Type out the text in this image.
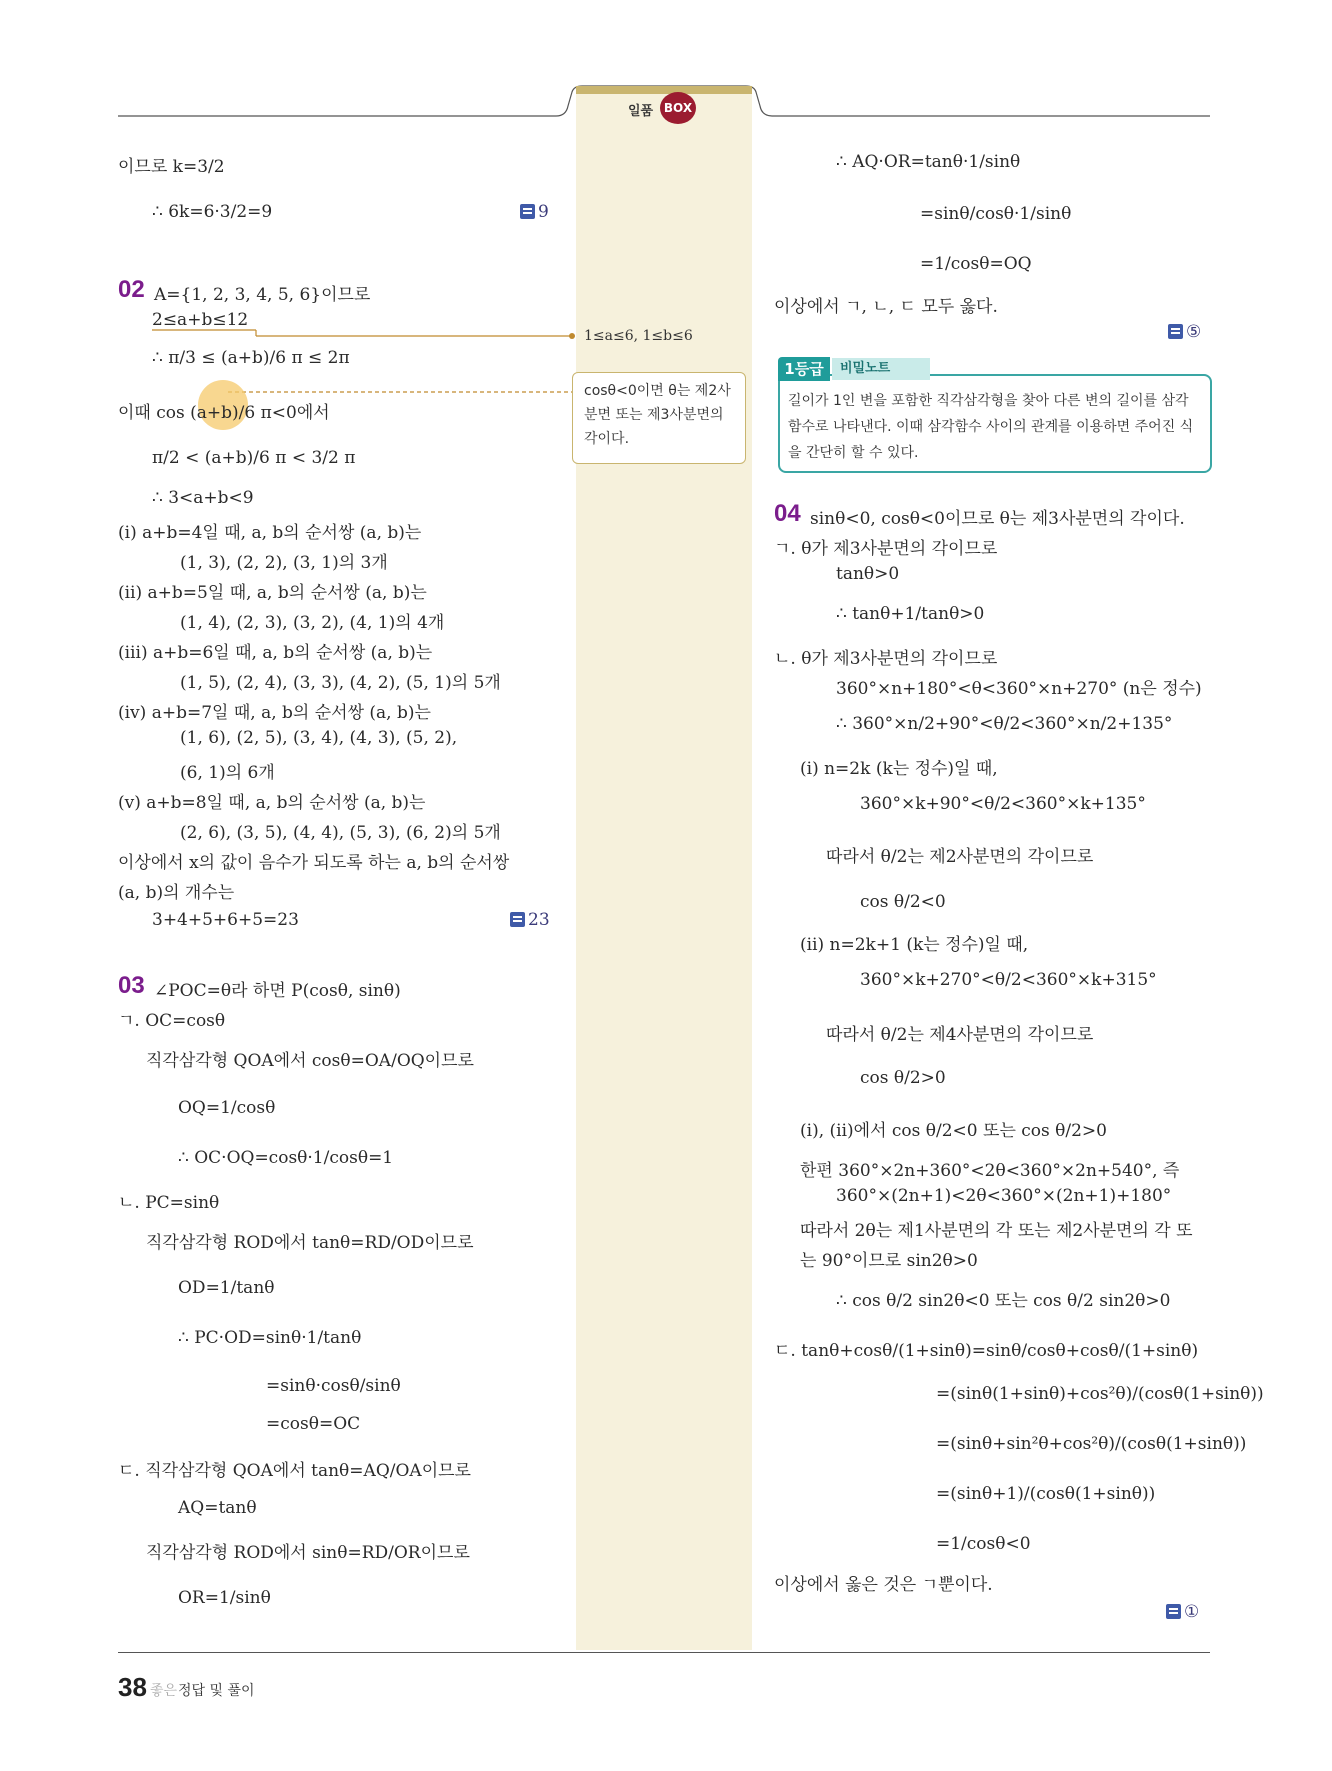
일품 BOX
이므로 k=3/2
∴ 6k=6·3/2=9	9
02 A={1, 2, 3, 4, 5, 6}이므로
2≤a+b≤12
∴ π/3 ≤ (a+b)/6 π ≤ 2π
이때 cos (a+b)/6 π<0에서
π/2 < (a+b)/6 π < 3/2 π
∴ 3<a+b<9
(ⅰ) a+b=4일 때, a, b의 순서쌍 (a, b)는
(1, 3), (2, 2), (3, 1)의 3개
(ⅱ) a+b=5일 때, a, b의 순서쌍 (a, b)는
(1, 4), (2, 3), (3, 2), (4, 1)의 4개
(ⅲ) a+b=6일 때, a, b의 순서쌍 (a, b)는
(1, 5), (2, 4), (3, 3), (4, 2), (5, 1)의 5개
(ⅳ) a+b=7일 때, a, b의 순서쌍 (a, b)는
(1, 6), (2, 5), (3, 4), (4, 3), (5, 2),
(6, 1)의 6개
(ⅴ) a+b=8일 때, a, b의 순서쌍 (a, b)는
(2, 6), (3, 5), (4, 4), (5, 3), (6, 2)의 5개
이상에서 x의 값이 음수가 되도록 하는 a, b의 순서쌍
(a, b)의 개수는
3+4+5+6+5=23	23
03 ∠POC=θ라 하면 P(cosθ, sinθ)
ㄱ. OC=cosθ
직각삼각형 QOA에서 cosθ=OA/OQ이므로
OQ=1/cosθ
∴ OC·OQ=cosθ·1/cosθ=1
ㄴ. PC=sinθ
직각삼각형 ROD에서 tanθ=RD/OD이므로
OD=1/tanθ
∴ PC·OD=sinθ·1/tanθ
=sinθ·cosθ/sinθ
=cosθ=OC
ㄷ. 직각삼각형 QOA에서 tanθ=AQ/OA이므로
AQ=tanθ
직각삼각형 ROD에서 sinθ=RD/OR이므로
OR=1/sinθ
1≤a≤6, 1≤b≤6
cosθ<0이면 θ는 제2사
분면 또는 제3사분면의
각이다.
∴ AQ·OR=tanθ·1/sinθ
=sinθ/cosθ·1/sinθ
=1/cosθ=OQ
이상에서 ㄱ, ㄴ, ㄷ 모두 옳다.
⑤
1등급	비밀노트
길이가 1인 변을 포함한 직각삼각형을 찾아 다른 변의 길이를 삼각함수로 나타낸다. 이때 삼각함수 사이의 관계를 이용하면 주어진 식을 간단히 할 수 있다.
04 sinθ<0, cosθ<0이므로 θ는 제3사분면의 각이다.
ㄱ. θ가 제3사분면의 각이므로
tanθ>0
∴ tanθ+1/tanθ>0
ㄴ. θ가 제3사분면의 각이므로
360°×n+180°<θ<360°×n+270° (n은 정수)
∴ 360°×n/2+90°<θ/2<360°×n/2+135°
(ⅰ) n=2k (k는 정수)일 때,
360°×k+90°<θ/2<360°×k+135°
따라서 θ/2는 제2사분면의 각이므로
cos θ/2<0
(ⅱ) n=2k+1 (k는 정수)일 때,
360°×k+270°<θ/2<360°×k+315°
따라서 θ/2는 제4사분면의 각이므로
cos θ/2>0
(ⅰ), (ⅱ)에서 cos θ/2<0 또는 cos θ/2>0
한편 360°×2n+360°<2θ<360°×2n+540°, 즉
360°×(2n+1)<2θ<360°×(2n+1)+180°
따라서 2θ는 제1사분면의 각 또는 제2사분면의 각 또
는 90°이므로 sin2θ>0
∴ cos θ/2 sin2θ<0 또는 cos θ/2 sin2θ>0
ㄷ. tanθ+cosθ/(1+sinθ)=sinθ/cosθ+cosθ/(1+sinθ)
=(sinθ(1+sinθ)+cos²θ)/(cosθ(1+sinθ))
=(sinθ+sin²θ+cos²θ)/(cosθ(1+sinθ))
=(sinθ+1)/(cosθ(1+sinθ))
=1/cosθ<0
이상에서 옳은 것은 ㄱ뿐이다.
①
38 좋은 정답 및 풀이
